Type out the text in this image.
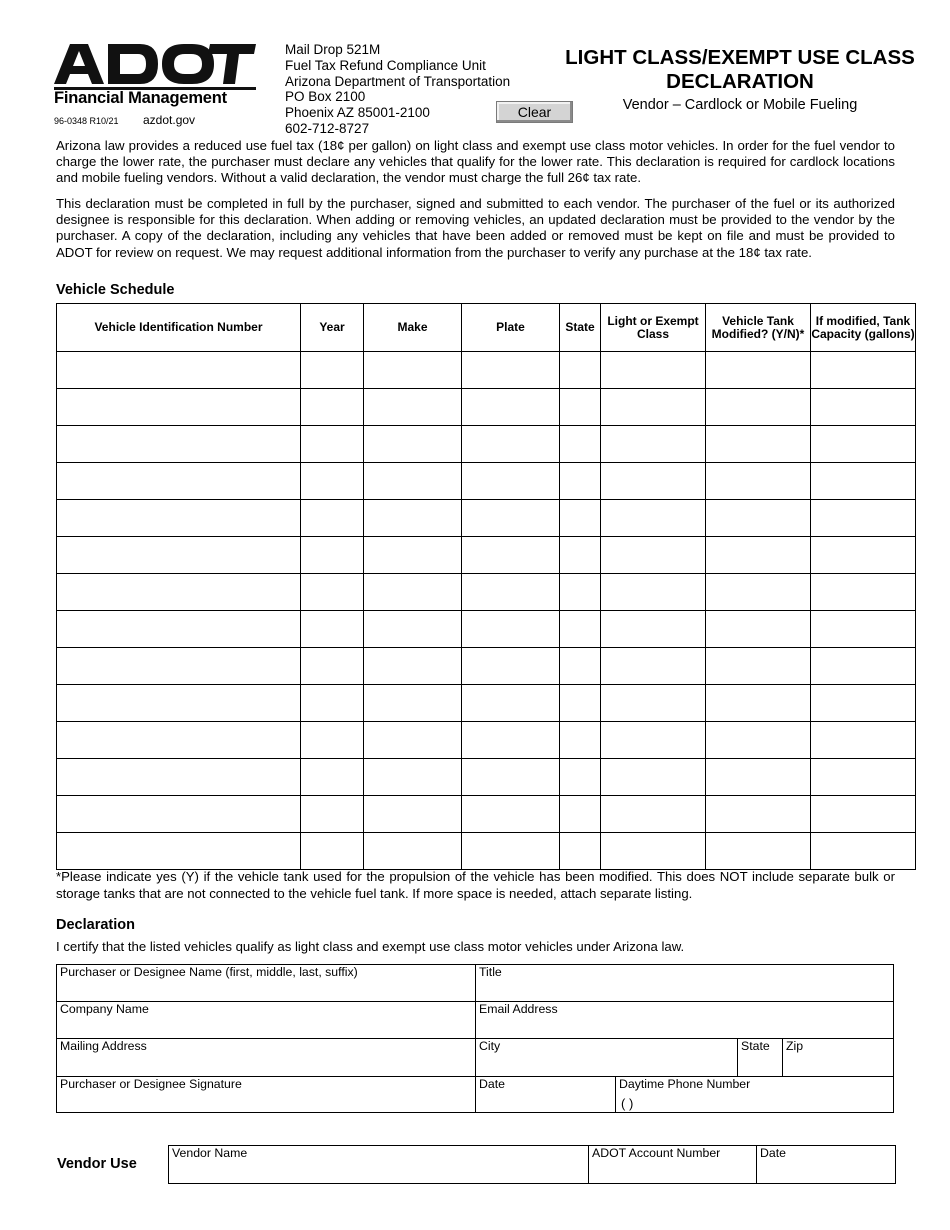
Financial Management
96-0348 R10/21 azdot.gov
Mail Drop 521M
Fuel Tax Refund Compliance Unit
Arizona Department of Transportation
PO Box 2100
Phoenix AZ 85001-2100
602-712-8727
Clear
LIGHT CLASS/EXEMPT USE CLASS DECLARATION
Vendor – Cardlock or Mobile Fueling

Arizona law provides a reduced use fuel tax (18¢ per gallon) on light class and exempt use class motor vehicles. In order for the fuel vendor to charge the lower rate, the purchaser must declare any vehicles that qualify for the lower rate. This declaration is required for cardlock locations and mobile fueling vendors. Without a valid declaration, the vendor must charge the full 26¢ tax rate.

This declaration must be completed in full by the purchaser, signed and submitted to each vendor. The purchaser of the fuel or its authorized designee is responsible for this declaration. When adding or removing vehicles, an updated declaration must be provided to the vendor by the purchaser. A copy of the declaration, including any vehicles that have been added or removed must be kept on file and must be provided to ADOT for review on request. We may request additional information from the purchaser to verify any purchase at the 18¢ tax rate.

Vehicle Schedule
Vehicle Identification Number	Year	Make	Plate	State	Light or Exempt Class	Vehicle Tank Modified? (Y/N)*	If modified, Tank Capacity (gallons)

*Please indicate yes (Y) if the vehicle tank used for the propulsion of the vehicle has been modified. This does NOT include separate bulk or storage tanks that are not connected to the vehicle fuel tank. If more space is needed, attach separate listing.

Declaration
I certify that the listed vehicles qualify as light class and exempt use class motor vehicles under Arizona law.
Purchaser or Designee Name (first, middle, last, suffix)	Title
Company Name	Email Address
Mailing Address	City	State Zip
Purchaser or Designee Signature	Date	Daytime Phone Number
( )
Vendor Use
Vendor Name	ADOT Account Number	Date
